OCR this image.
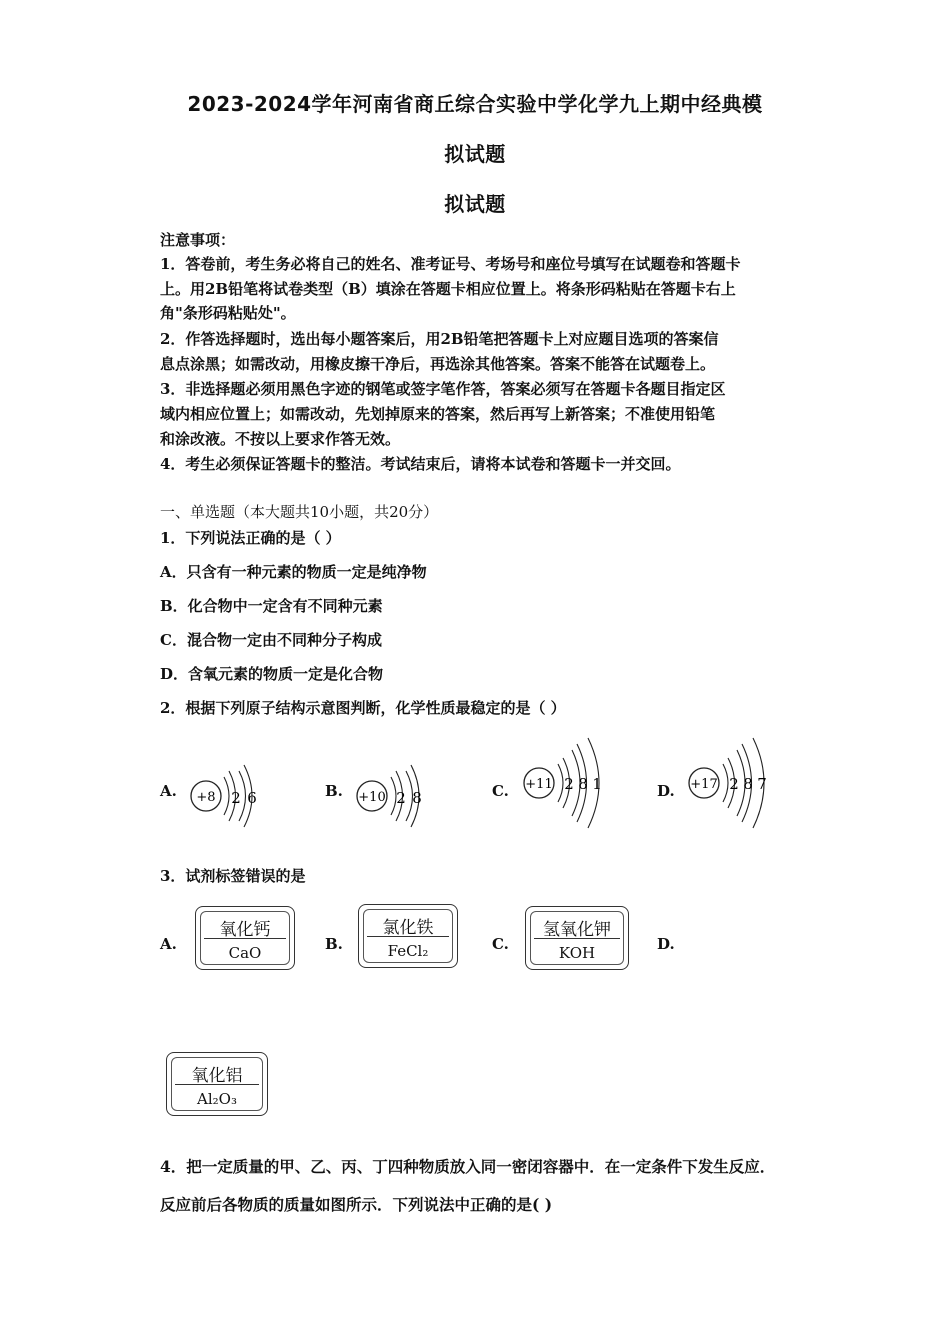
2023-2024学年河南省商丘综合实验中学化学九上期中经典模
拟试题
拟试题
注意事项：
1．答卷前，考生务必将自己的姓名、准考证号、考场号和座位号填写在试题卷和答题卡
上。用2B铅笔将试卷类型（B）填涂在答题卡相应位置上。将条形码粘贴在答题卡右上
角"条形码粘贴处"。
2．作答选择题时，选出每小题答案后，用2B铅笔把答题卡上对应题目选项的答案信
息点涂黑；如需改动，用橡皮擦干净后，再选涂其他答案。答案不能答在试题卷上。
3．非选择题必须用黑色字迹的钢笔或签字笔作答，答案必须写在答题卡各题目指定区
域内相应位置上；如需改动，先划掉原来的答案，然后再写上新答案；不准使用铅笔
和涂改液。不按以上要求作答无效。
4．考生必须保证答题卡的整洁。考试结束后，请将本试卷和答题卡一并交回。
一、单选题（本大题共10小题，共20分）
1．下列说法正确的是（ ）
A．只含有一种元素的物质一定是纯净物
B．化合物中一定含有不同种元素
C．混合物一定由不同种分子构成
D．含氧元素的物质一定是化合物
2．根据下列原子结构示意图判断，化学性质最稳定的是（ ）
A. +8 2 6	B. +10 2 8	C. +11 2 8 1	D. +17 2 8 7
3．试剂标签错误的是
A.
氧化钙
CaO	B.
氯化铁
FeCl₂	C.
氢氧化钾
KOH	D.
氧化铝
Al₂O₃
4．把一定质量的甲、乙、丙、丁四种物质放入同一密闭容器中．在一定条件下发生反应．
反应前后各物质的质量如图所示．下列说法中正确的是( )
